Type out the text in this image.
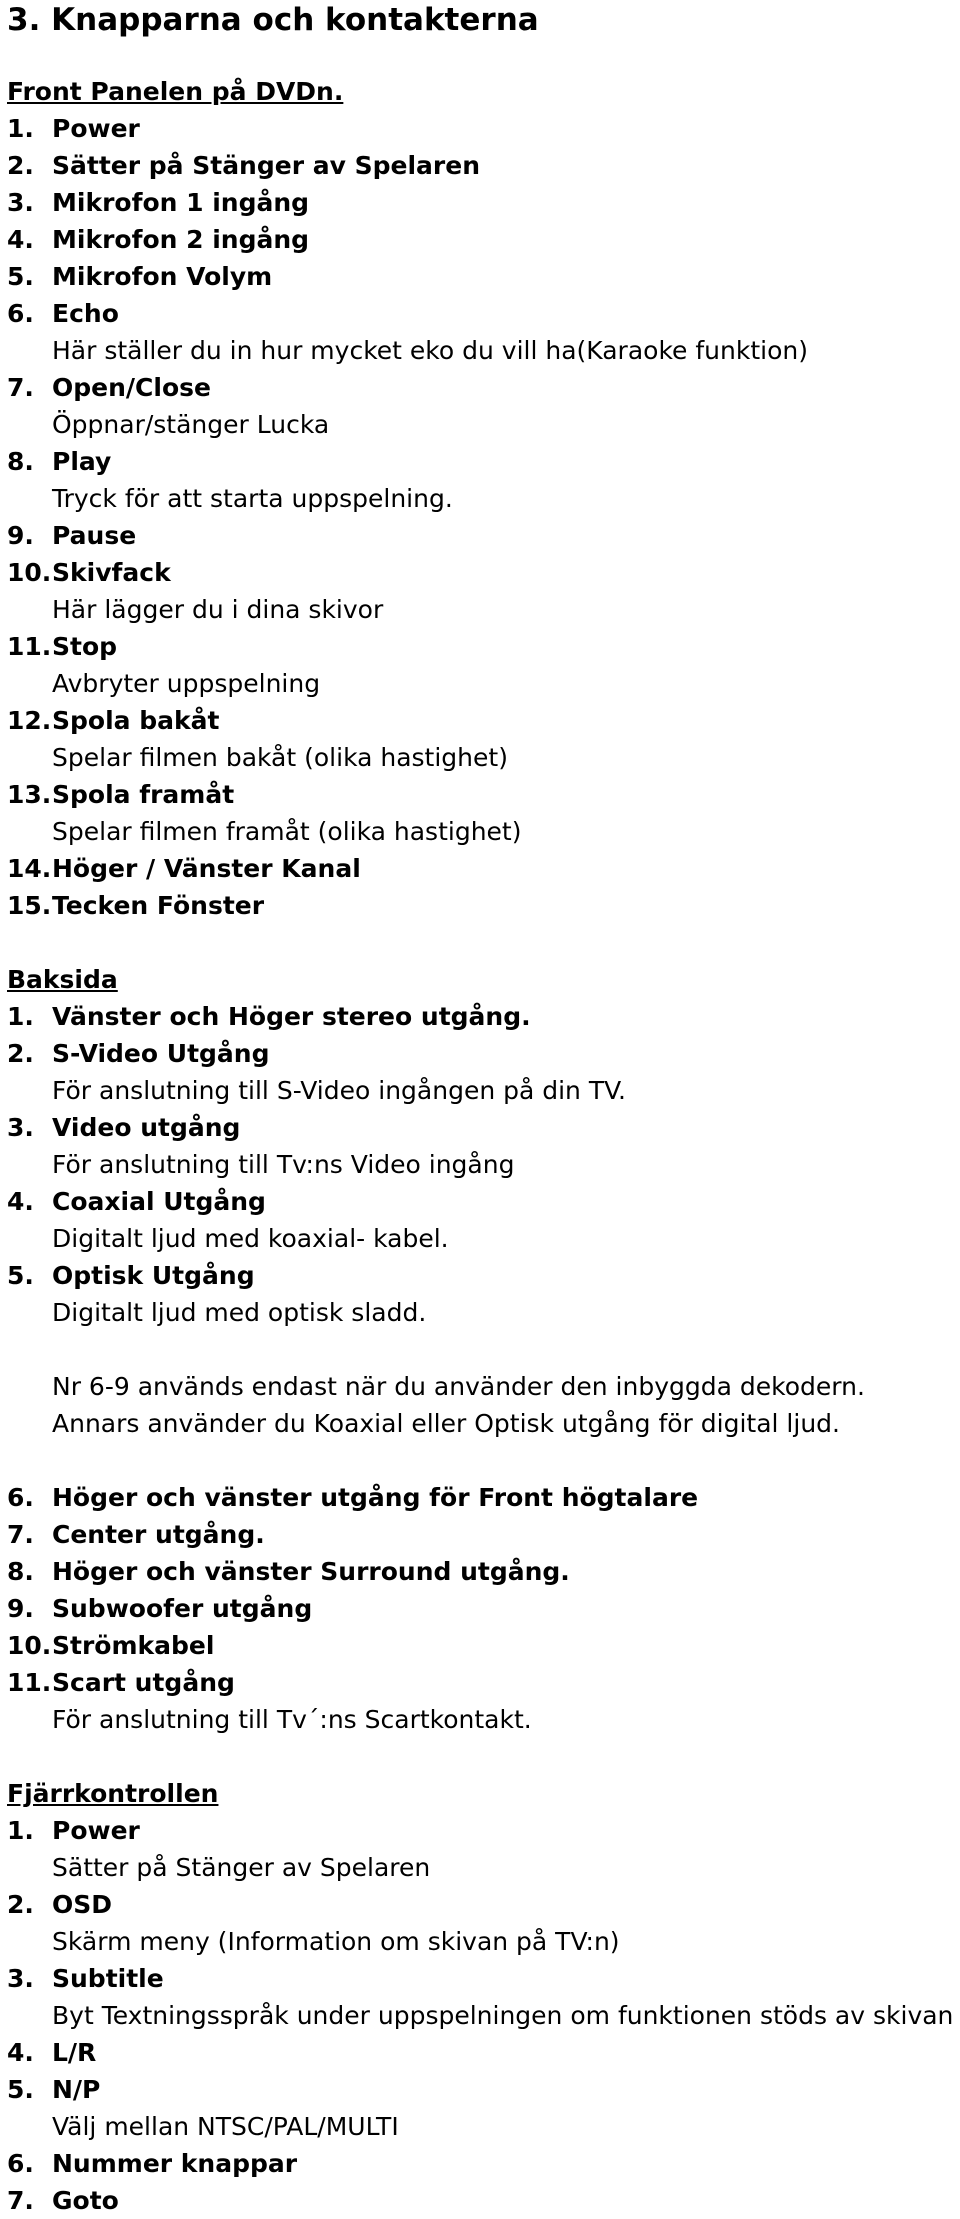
3. Knapparna och kontakterna
Front Panelen på DVDn.
1. Power
2. Sätter på Stänger av Spelaren
3. Mikrofon 1 ingång
4. Mikrofon 2 ingång
5. Mikrofon Volym
6. Echo
Här ställer du in hur mycket eko du vill ha(Karaoke funktion)
7. Open/Close
Öppnar/stänger Lucka
8. Play
Tryck för att starta uppspelning.
9. Pause
10.Skivfack
Här lägger du i dina skivor
11.Stop
Avbryter uppspelning
12.Spola bakåt
Spelar filmen bakåt (olika hastighet)
13.Spola framåt
Spelar filmen framåt (olika hastighet)
14.Höger / Vänster Kanal
15.Tecken Fönster
Baksida
1. Vänster och Höger stereo utgång.
2. S-Video Utgång
För anslutning till S-Video ingången på din TV.
3. Video utgång
För anslutning till Tv:ns Video ingång
4. Coaxial Utgång
Digitalt ljud med koaxial- kabel.
5. Optisk Utgång
Digitalt ljud med optisk sladd.
Nr 6-9 används endast när du använder den inbyggda dekodern.
Annars använder du Koaxial eller Optisk utgång för digital ljud.
6. Höger och vänster utgång för Front högtalare
7. Center utgång.
8. Höger och vänster Surround utgång.
9. Subwoofer utgång
10.Strömkabel
11.Scart utgång
För anslutning till Tv´:ns Scartkontakt.
Fjärrkontrollen
1. Power
Sätter på Stänger av Spelaren
2. OSD
Skärm meny (Information om skivan på TV:n)
3. Subtitle
Byt Textningsspråk under uppspelningen om funktionen stöds av skivan
4. L/R
5. N/P
Välj mellan NTSC/PAL/MULTI
6. Nummer knappar
7. Goto
